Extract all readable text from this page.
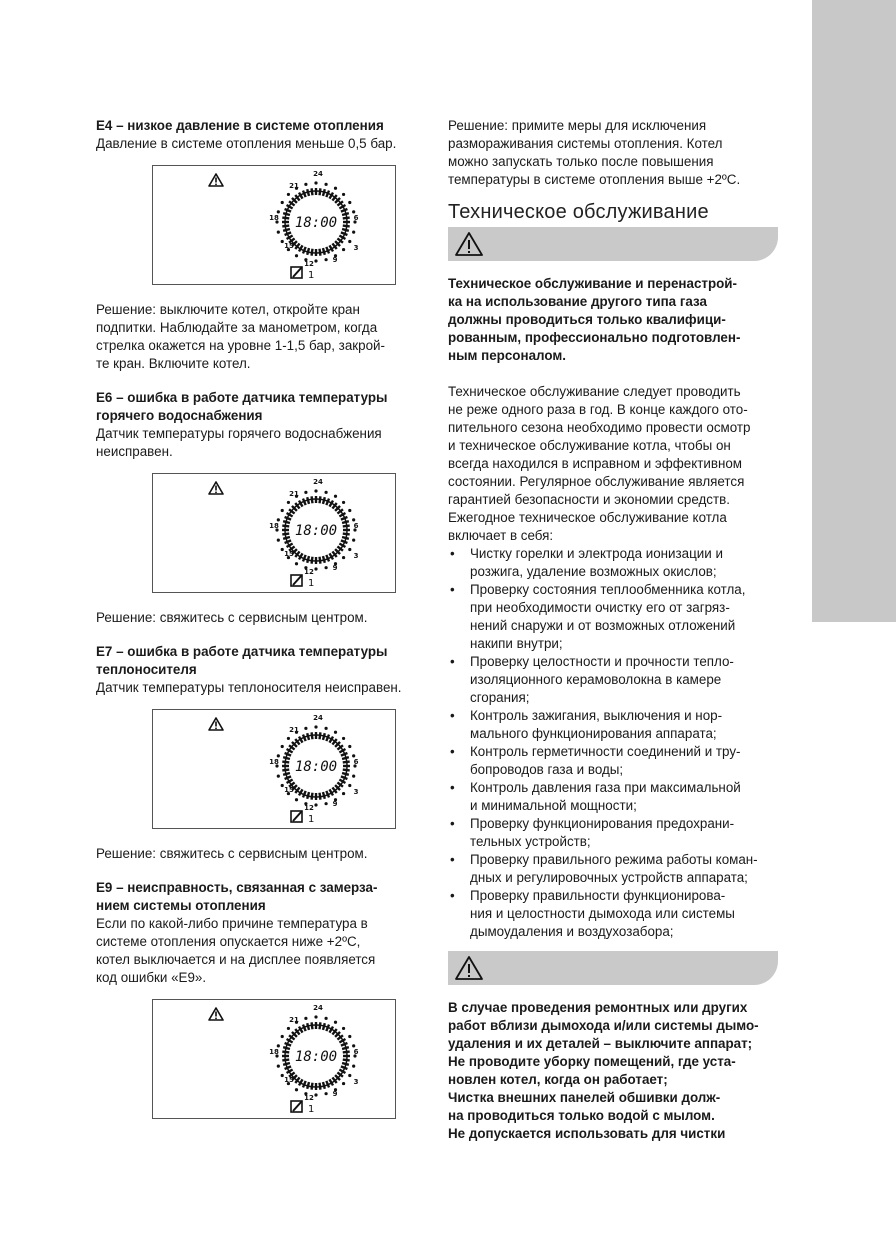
E4 – низкое давление в системе отопления

Давление в системе отопления меньше 0,5 бар.
21
18
15
12	9
6
3
24
18:00
1
Решение: выключите котел, откройте кран
подпитки. Наблюдайте за манометром, когда
стрелка окажется на уровне 1-1,5 бар, закрой-
те кран. Включите котел.
E6 – ошибка в работе датчика температуры
горячего водоснабжения
Датчик температуры горячего водоснабжения
неисправен.
21
18
15
12	9
6
3
24
18:00
1
Решение: свяжитесь с сервисным центром.
E7 – ошибка в работе датчика температуры
теплоносителя
Датчик температуры теплоносителя неисправен.
21
18
15
12	9
6
3
24
18:00
1
Решение: свяжитесь с сервисным центром.
E9 – неисправность, связанная с замерза-
нием системы отопления
Если по какой-либо причине температура в
системе отопления опускается ниже +2ºС,
котел выключается и на дисплее появляется
код ошибки «E9».
21
18
15
12	9
6
3
24
18:00
1
Решение: примите меры для исключения
размораживания системы отопления. Котел
можно запускать только после повышения
температуры в системе отопления выше +2ºС.
Техническое обслуживание
Техническое обслуживание и перенастрой-
ка на использование другого типа газа
должны проводиться только квалифици-
рованным, профессионально подготовлен-
ным персоналом.
Техническое обслуживание следует проводить
не реже одного раза в год. В конце каждого ото-
пительного сезона необходимо провести осмотр
и техническое обслуживание котла, чтобы он
всегда находился в исправном и эффективном
состоянии. Регулярное обслуживание является
гарантией безопасности и экономии средств.
Ежегодное техническое обслуживание котла
включает в себя:
• Чистку горелки и электрода ионизации и
розжига, удаление возможных окислов;
• Проверку состояния теплообменника котла,
при необходимости очистку его от загряз-
нений снаружи и от возможных отложений
накипи внутри;
• Проверку целостности и прочности тепло-
изоляционного керамоволокна в камере
сгорания;
• Контроль зажигания, выключения и нор-
мального функционирования аппарата;
• Контроль герметичности соединений и тру-
бопроводов газа и воды;
• Контроль давления газа при максимальной
и минимальной мощности;
• Проверку функционирования предохрани-
тельных устройств;
• Проверку правильного режима работы коман-
дных и регулировочных устройств аппарата;
• Проверку правильности функционирова-
ния и целостности дымохода или системы
дымоудаления и воздухозабора;
В случае проведения ремонтных или других
работ вблизи дымохода и/или системы дымо-
удаления и их деталей – выключите аппарат;
Не проводите уборку помещений, где уста-
новлен котел, когда он работает;
Чистка внешних панелей обшивки долж-
на проводиться только водой с мылом.
Не допускается использовать для чистки
